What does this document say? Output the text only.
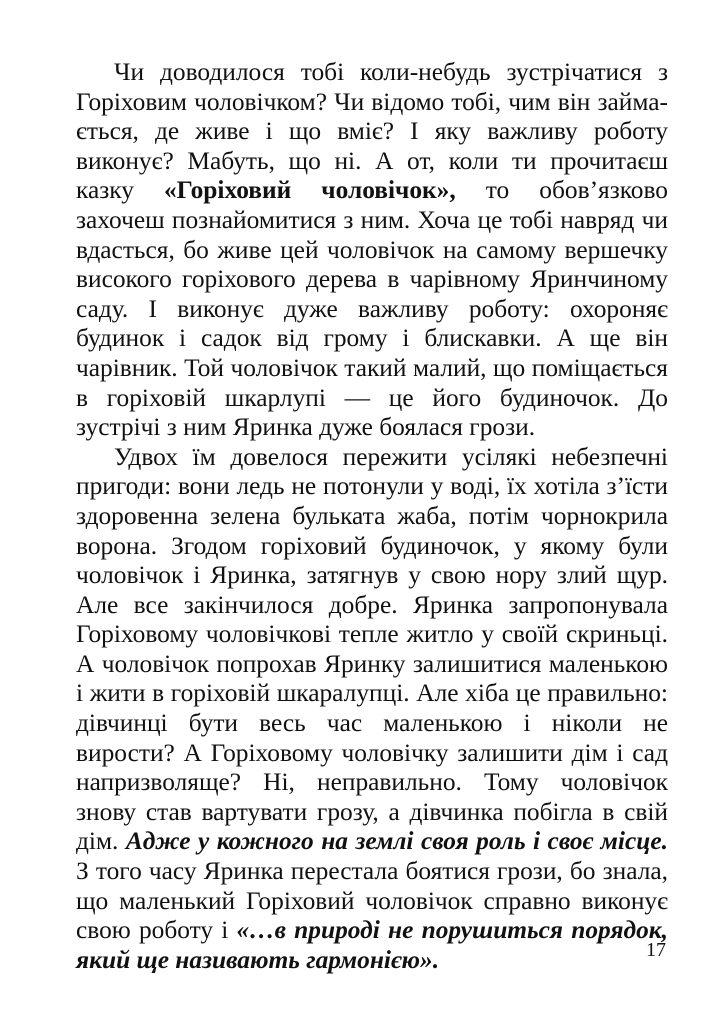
Чи доводилося тобі коли-небудь зустрічатися з Горіховим чоловічком? Чи відомо тобі, чим він займається, де живе і що вміє? І яку важливу роботу виконує? Мабуть, що ні. А от, коли ти прочитаєш казку «Горіховий чоловічок», то обов’язково захочеш познайомитися з ним. Хоча це тобі навряд чи вдасться, бо живе цей чоловічок на самому вершечку високого горіхового дерева в чарівному Яринчиному саду. І виконує дуже важливу роботу: охороняє будинок і садок від грому і блискавки. А ще він чарівник. Той чоловічок такий малий, що поміщається в горіховій шкарлупі — це його будиночок. До зустрічі з ним Яринка дуже боялася грози.

Удвох їм довелося пережити усілякі небезпечні пригоди: вони ледь не потонули у воді, їх хотіла з’їсти здоровенна зелена бульката жаба, потім чорнокрила ворона. Згодом горіховий будиночок, у якому були чоловічок і Яринка, затягнув у свою нору злий щур. Але все закінчилося добре. Яринка запропонувала Горіховому чоловічкові тепле житло у своїй скриньці. А чоловічок попрохав Яринку залишитися маленькою і жити в горіховій шкаралупці. Але хіба це правильно: дівчинці бути весь час маленькою і ніколи не вирости? А Горіховому чоловічку залишити дім і сад напризволяще? Ні, неправильно. Тому чоловічок знову став вартувати грозу, а дівчинка побігла в свій дім. Адже у кожного на землі своя роль і своє місце. З того часу Яринка перестала боятися грози, бо знала, що маленький Горіховий чоловічок справно виконує свою роботу і «…в природі не порушиться порядок, який ще називають гармонією».	17
